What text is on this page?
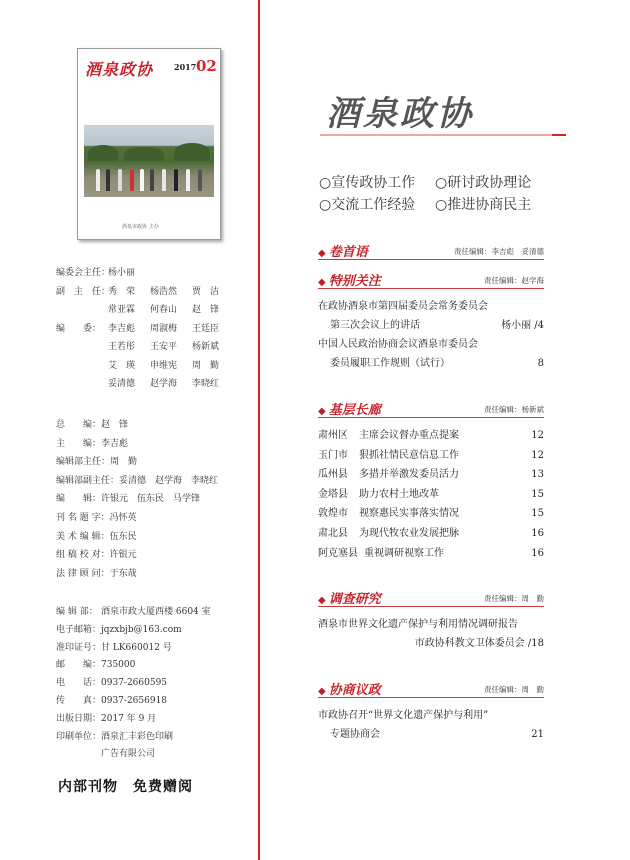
酒泉政协	2017 02
酒泉市政协 主办
酒泉政协
○宣传政协工作 ○研讨政协理论
○交流工作经验 ○推进协商民主
◆ 卷首语	责任编辑：李吉彪　妥清德
◆ 特别关注	责任编辑：赵学海
在政协酒泉市第四届委员会常务委员会
第三次会议上的讲话	杨小丽 /4
中国人民政治协商会议酒泉市委员会
委员履职工作规则（试行）	8
◆ 基层长廊	责任编辑：杨新斌
肃州区 主席会议督办重点提案	12
玉门市 狠抓社情民意信息工作	12
瓜州县 多措并举激发委员活力	13
金塔县 助力农村土地改革	15
敦煌市 视察惠民实事落实情况	15
肃北县 为现代牧农业发展把脉	16
阿克塞县 重视调研视察工作	16
◆ 调查研究	责任编辑：周　勤
酒泉市世界文化遗产保护与利用情况调研报告
市政协科教文卫体委员会 /18
◆ 协商议政	责任编辑：周　勤
市政协召开“世界文化遗产保护与利用”
专题协商会	21
编委会主任：杨小丽
副　主　任：秀　荣 杨浩然 贾　洁
常亚霖 何春山 赵　锋
编　　委： 李吉彪 周淑梅 王廷臣
王若彤 王安平 杨新斌
艾　瑛 申维宪 周　勤
妥清德 赵学海 李晓红
总　　编：赵　锋
主　　编：李吉彪
编辑部主任：周　勤
编辑部副主任：妥清德　赵学海　李晓红
编　　辑：许银元　伍东民　马学锋
刊 名 题 字：冯怀英
美 术 编 辑：伍东民
组 稿 校 对：许银元
法 律 顾 问：于东哉
编 辑 部： 酒泉市政大厦西楼 6604 室
电子邮箱：jqzxbjb@163.com
准印证号：甘 LK660012 号
邮　　编：735000
电　　话：0937-2660595
传　　真：0937-2656918
出版日期：2017 年 9 月
印刷单位：酒泉汇丰彩色印刷
广告有限公司
内部刊物　免费赠阅
